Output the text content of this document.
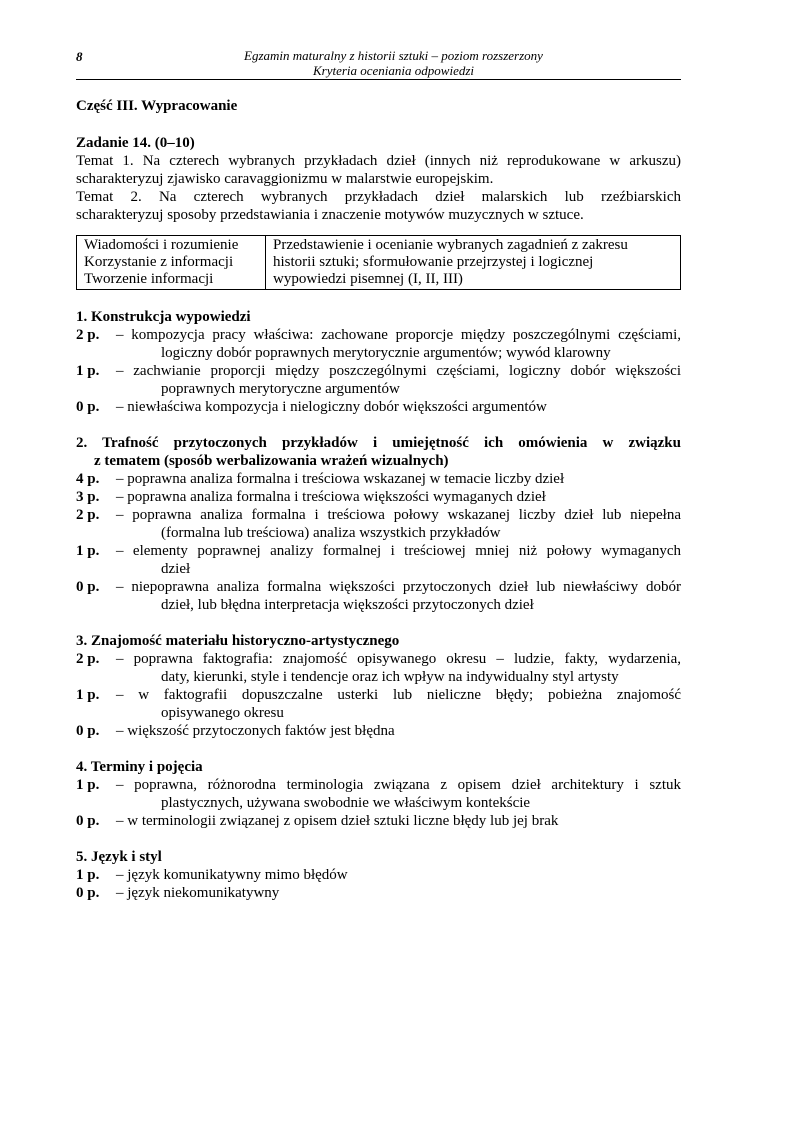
8	Egzamin maturalny z historii sztuki – poziom rozszerzony
Kryteria oceniania odpowiedzi
Część III. Wypracowanie
Zadanie 14. (0–10)
Temat 1. Na czterech wybranych przykładach dzieł (innych niż reprodukowane w arkuszu)
scharakteryzuj zjawisko caravaggionizmu w malarstwie europejskim.
Temat 2. Na czterech wybranych przykładach dzieł malarskich lub rzeźbiarskich
scharakteryzuj sposoby przedstawiania i znaczenie motywów muzycznych w sztuce.
Wiadomości i rozumienie
Korzystanie z informacji
Tworzenie informacji

Przedstawienie i ocenianie wybranych zagadnień z zakresu
historii sztuki; sformułowanie przejrzystej i logicznej
wypowiedzi pisemnej (I, II, III)
1. Konstrukcja wypowiedzi
2 p. – kompozycja pracy właściwa: zachowane proporcje między poszczególnymi częściami,
logiczny dobór poprawnych merytorycznie argumentów; wywód klarowny
1 p. – zachwianie proporcji między poszczególnymi częściami, logiczny dobór większości
poprawnych merytoryczne argumentów
0 p. – niewłaściwa kompozycja i nielogiczny dobór większości argumentów
2. Trafność przytoczonych przykładów i umiejętność ich omówienia w związku
z tematem (sposób werbalizowania wrażeń wizualnych)
4 p. – poprawna analiza formalna i treściowa wskazanej w temacie liczby dzieł
3 p. – poprawna analiza formalna i treściowa większości wymaganych dzieł
2 p. – poprawna analiza formalna i treściowa połowy wskazanej liczby dzieł lub niepełna
(formalna lub treściowa) analiza wszystkich przykładów
1 p. – elementy poprawnej analizy formalnej i treściowej mniej niż połowy wymaganych
dzieł
0 p. – niepoprawna analiza formalna większości przytoczonych dzieł lub niewłaściwy dobór
dzieł, lub błędna interpretacja większości przytoczonych dzieł
3. Znajomość materiału historyczno-artystycznego
2 p. – poprawna faktografia: znajomość opisywanego okresu – ludzie, fakty, wydarzenia,
daty, kierunki, style i tendencje oraz ich wpływ na indywidualny styl artysty
1 p. – w faktografii dopuszczalne usterki lub nieliczne błędy; pobieżna znajomość
opisywanego okresu
0 p. – większość przytoczonych faktów jest błędna
4. Terminy i pojęcia
1 p. – poprawna, różnorodna terminologia związana z opisem dzieł architektury i sztuk
plastycznych, używana swobodnie we właściwym kontekście
0 p. – w terminologii związanej z opisem dzieł sztuki liczne błędy lub jej brak
5. Język i styl
1 p. – język komunikatywny mimo błędów
0 p. – język niekomunikatywny
